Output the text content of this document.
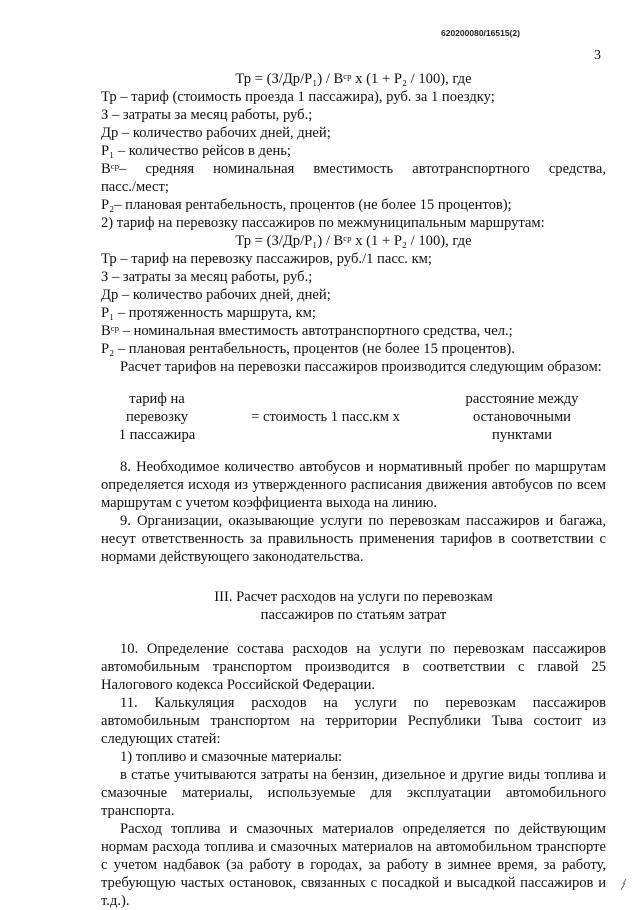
620200080/16515(2)
3
Тр = (З/Др/P₁) / Вᶜᵖ х (1 + Р₂ / 100), где
Тр – тариф (стоимость проезда 1 пассажира), руб. за 1 поездку;
З – затраты за месяц работы, руб.;
Др – количество рабочих дней, дней;
Р₁ – количество рейсов в день;
Вᶜᵖ– средняя номинальная вместимость автотранспортного средства,
пасс./мест;
Р₂– плановая рентабельность, процентов (не более 15 процентов);
2) тариф на перевозку пассажиров по межмуниципальным маршрутам:
Тр = (З/Др/Р₁) / Вᶜᵖ х (1 + Р₂ / 100), где
Тр – тариф на перевозку пассажиров, руб./1 пасс. км;
З – затраты за месяц работы, руб.;
Др – количество рабочих дней, дней;
Р₁ – протяженность маршрута, км;
Вᶜᵖ – номинальная вместимость автотранспортного средства, чел.;
Р₂ – плановая рентабельность, процентов (не более 15 процентов).
Расчет тарифов на перевозки пассажиров производится следующим образом:
тариф на
перевозку
1 пассажира
= стоимость 1 пасс.км х
расстояние между
остановочными
пунктами
8. Необходимое количество автобусов и нормативный пробег по маршрутам определяется исходя из утвержденного расписания движения автобусов по всем маршрутам с учетом коэффициента выхода на линию.
9. Организации, оказывающие услуги по перевозкам пассажиров и багажа, несут ответственность за правильность применения тарифов в соответствии с нормами действующего законодательства.
III. Расчет расходов на услуги по перевозкам
пассажиров по статьям затрат
10. Определение состава расходов на услуги по перевозкам пассажиров автомобильным транспортом производится в соответствии с главой 25 Налогового кодекса Российской Федерации.
11. Калькуляция расходов на услуги по перевозкам пассажиров автомобильным транспортом на территории Республики Тыва состоит из следующих статей:
1) топливо и смазочные материалы:
в статье учитываются затраты на бензин, дизельное и другие виды топлива и смазочные материалы, используемые для эксплуатации автомобильного транспорта.
Расход топлива и смазочных материалов определяется по действующим нормам расхода топлива и смазочных материалов на автомобильном транспорте с учетом надбавок (за работу в городах, за работу в зимнее время, за работу, требующую частых остановок, связанных с посадкой и высадкой пассажиров и т.д.).
